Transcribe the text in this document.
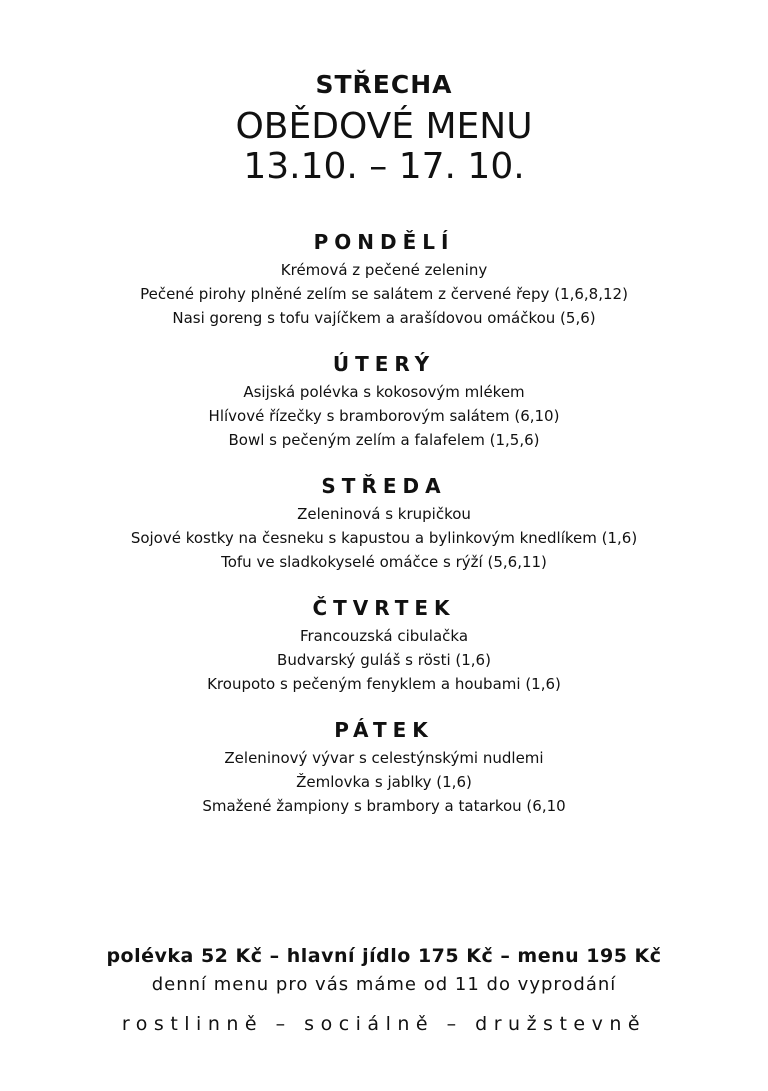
STŘECHA
OBĚDOVÉ MENU
13.10. – 17. 10.
PONDĚLÍ
Krémová z pečené zeleniny
Pečené pirohy plněné zelím se salátem z červené řepy (1,6,8,12)
Nasi goreng s tofu vajíčkem a arašídovou omáčkou (5,6)
ÚTERÝ
Asijská polévka s kokosovým mlékem
Hlívové řízečky s bramborovým salátem (6,10)
Bowl s pečeným zelím a falafelem (1,5,6)
STŘEDA
Zeleninová s krupičkou
Sojové kostky na česneku s kapustou a bylinkovým knedlíkem (1,6)
Tofu ve sladkokyselé omáčce s rýží (5,6,11)
ČTVRTEK
Francouzská cibulačka
Budvarský guláš s rösti (1,6)
Kroupoto s pečeným fenyklem a houbami (1,6)
PÁTEK
Zeleninový vývar s celestýnskými nudlemi
Žemlovka s jablky (1,6)
Smažené žampiony s brambory a tatarkou (6,10
polévka 52 Kč – hlavní jídlo 175 Kč – menu 195 Kč
denní menu pro vás máme od 11 do vyprodání
rostlinně – sociálně – družstevně
